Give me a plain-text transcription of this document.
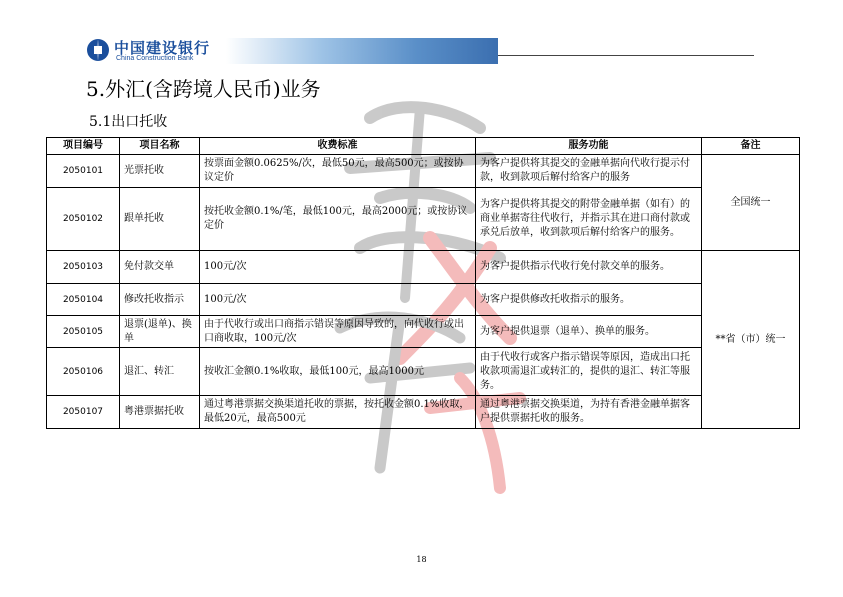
中国建设银行
China Construction Bank
5.外汇(含跨境人民币)业务
5.1出口托收
项目编号	项目名称	收费标准	服务功能	备注
2050101	光票托收	按票面金额0.0625%/次，最低50元，最高500元；或按协议定价	为客户提供将其提交的金融单据向代收行提示付款，收到款项后解付给客户的服务	全国统一
2050102	跟单托收	按托收金额0.1%/笔，最低100元，最高2000元；或按协议定价	为客户提供将其提交的附带金融单据（如有）的商业单据寄往代收行，并指示其在进口商付款或承兑后放单，收到款项后解付给客户的服务。	
2050103	免付款交单	100元/次	为客户提供指示代收行免付款交单的服务。	**省（市）统一
2050104	修改托收指示	100元/次	为客户提供修改托收指示的服务。	
2050105	退票(退单)、换单	由于代收行或出口商指示错误等原因导致的，向代收行或出口商收取，100元/次	为客户提供退票（退单）、换单的服务。	
2050106	退汇、转汇	按收汇金额0.1%收取，最低100元，最高1000元	由于代收行或客户指示错误等原因，造成出口托收款项需退汇或转汇的，提供的退汇、转汇等服务。	
2050107	粤港票据托收	通过粤港票据交换渠道托收的票据，按托收金额0.1%收取，最低20元，最高500元	通过粤港票据交换渠道，为持有香港金融单据客户提供票据托收的服务。	
18
